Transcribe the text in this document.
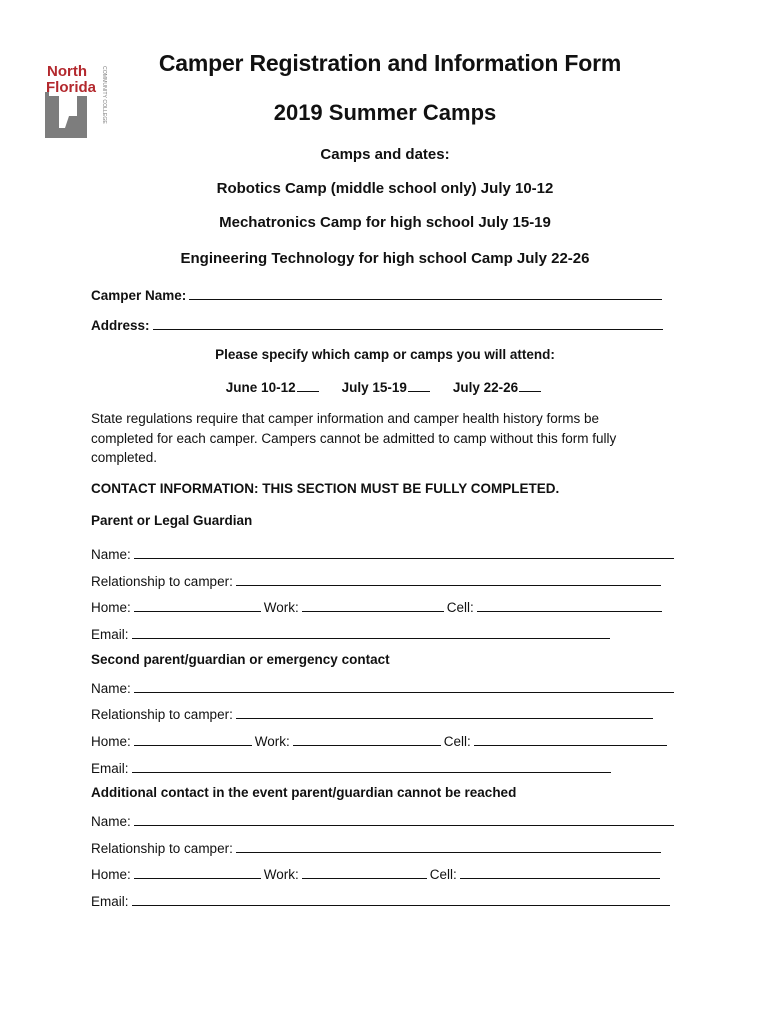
North
Florida COMMUNITY COLLEGE
Camper Registration and Information Form
2019 Summer Camps
Camps and dates:
Robotics Camp (middle school only) July 10-12
Mechatronics Camp for high school July 15-19
Engineering Technology for high school Camp July 22-26
Camper Name:
Address:
Please specify which camp or camps you will attend:
June 10-12	July 15-19	July 22-26
State regulations require that camper information and camper health history forms be completed for each camper. Campers cannot be admitted to camp without this form fully completed.
CONTACT INFORMATION: THIS SECTION MUST BE FULLY COMPLETED.
Parent or Legal Guardian
Name:
Relationship to camper:
Home:	Work:	Cell:
Email:
Second parent/guardian or emergency contact
Name:
Relationship to camper:
Home:	Work:	Cell:
Email:
Additional contact in the event parent/guardian cannot be reached
Name:
Relationship to camper:
Home:	Work:	Cell:
Email:
